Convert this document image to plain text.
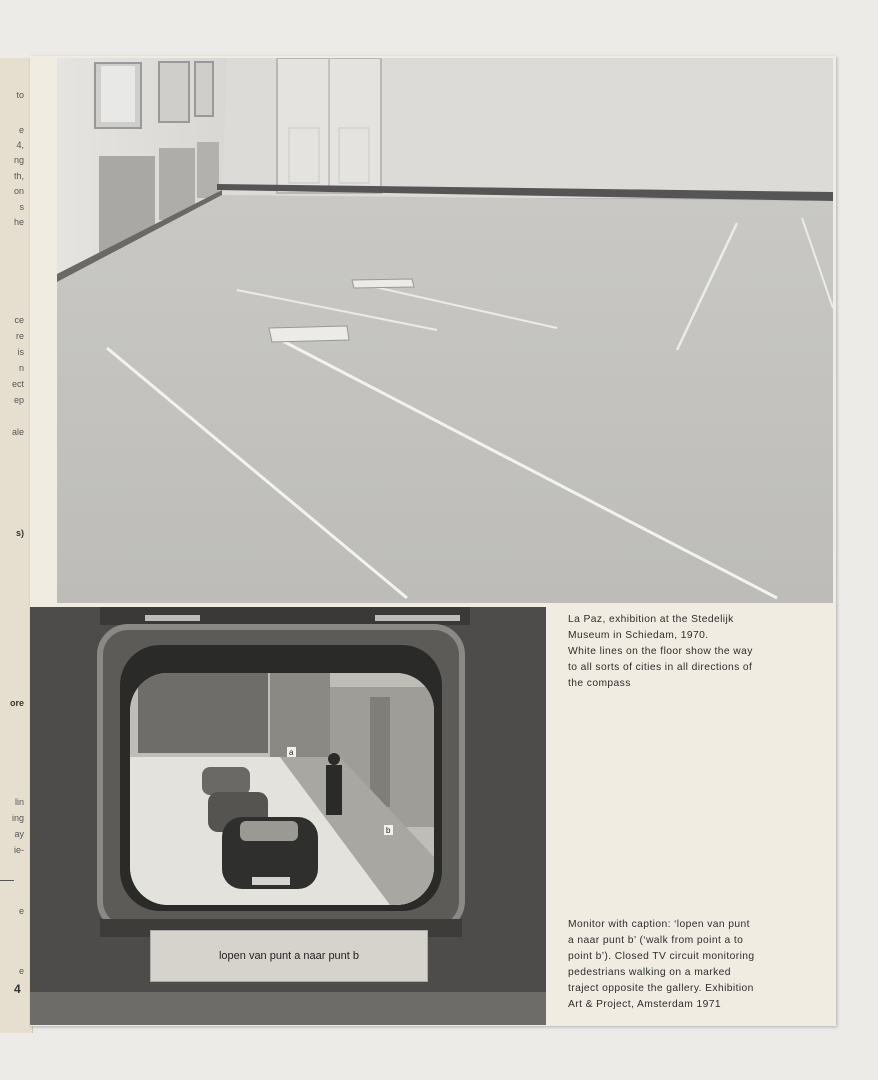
to
e
4,
ng
th,
on
s
he
ce
re
is
n
ect
ep
ale
s)
ore
lin
ing
ay
ie-
e
e
4
a
b
lopen van punt a naar punt b
La Paz, exhibition at the Stedelijk
Museum in Schiedam, 1970.
White lines on the floor show the way
to all sorts of cities in all directions of
the compass
Monitor with caption: ‘lopen van punt
a naar punt b’ (‘walk from point a to
point b’). Closed TV circuit monitoring
pedestrians walking on a marked
traject opposite the gallery. Exhibition
Art & Project, Amsterdam 1971
